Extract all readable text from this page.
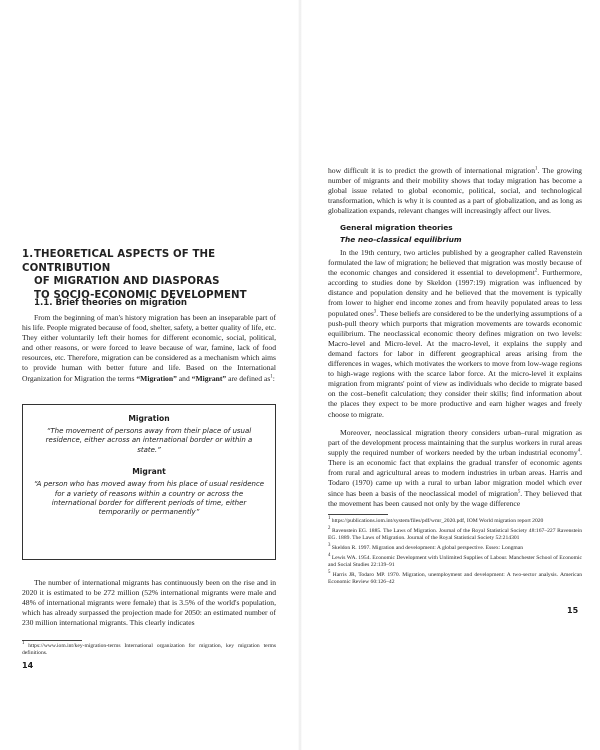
1.THEORETICAL ASPECTS OF THE CONTRIBUTION
OF MIGRATION AND DIASPORAS
TO SOCIO-ECONOMIC DEVELOPMENT
1.1. Brief theories on migration

From the beginning of man's history migration has been an inseparable part of his life. People migrated because of food, shelter, safety, a better quality of life, etc. They either voluntarily left their homes for different economic, social, political, and other reasons, or were forced to leave because of war, famine, lack of food resources, etc. Therefore, migration can be considered as a mechanism which aims to provide human with better future and life. Based on the International Organization for Migration the terms “Migration” and “Migrant” are defined $as^1$:

Migration
“The movement of persons away from their place of usual residence, either across an international border or within a state.”
Migrant
“A person who has moved away from his place of usual residence for a variety of reasons within a country or across the international border for different periods of time, either temporarily or permanently”

The number of international migrants has continuously been on the rise and in 2020 it is estimated to be 272 million (52% international migrants were male and 48% of international migrants were female) that is 3.5% of the world's population, which has already surpassed the projection made for 2050: an estimated number of 230 million international migrants. This clearly indicates

$^1$ https://www.iom.int/key-migration-terms International organization for migration, key migration terms definitions.

14

how difficult it is to predict the growth of international migration$^1$. The growing number of migrants and their mobility shows that today migration has become a global issue related to global economic, political, social, and technological transformation, which is why it is counted as a part of globalization, and as long as globalization expands, relevant changes will increasingly affect our lives.

General migration theories
The neo-classical equilibrium

In the 19th century, two articles published by a geographer called Ravenstein formulated the law of migration; he believed that migration was mostly because of the economic changes and considered it essential to development$^2$. Furthermore, according to studies done by Skeldon (1997:19) migration was influenced by distance and population density and he believed that the movement is typically from lower to higher end income zones and from heavily populated areas to less populated ones$^3$. These beliefs are considered to be the underlying assumptions of a push-pull theory which purports that migration movements are towards economic equilibrium. The neoclassical economic theory defines migration on two levels: Macro-level and Micro-level. At the macro-level, it explains the supply and demand factors for labor in different geographical areas arising from the differences in wages, which motivates the workers to move from low-wage regions to high-wage regions with the scarce labor force. At the micro-level it explains migration from migrants' point of view as individuals who decide to migrate based on the cost–benefit calculation; they consider their skills; find information about the places they expect to be more productive and earn higher wages and freely choose to migrate.

Moreover, neoclassical migration theory considers urban–rural migration as part of the development process maintaining that the surplus workers in rural areas supply the required number of workers needed by the urban industrial economy$^4$. There is an economic fact that explains the gradual transfer of economic agents from rural and agricultural areas to modern industries in urban areas. Harris and Todaro (1970) came up with a rural to urban labor migration model which ever since has been a basis of the neoclassical model of migration$^5$. They believed that the movement has been caused not only by the wage difference

$^1$ https://publications.iom.int/system/files/pdf/wmr_2020.pdf, IOM World migration report 2020

$^2$ Ravenstein EG. 1885. The Laws of Migration. Journal of the Royal Statistical Society 48:167–227 Ravenstein EG. 1889. The Laws of Migration. Journal of the Royal Statistical Society 52:214301

$^3$ Skeldon R. 1997. Migration and development: A global perspective. Essex: Longman

$^4$ Lewis WA. 1954. Economic Development with Unlimited Supplies of Labour. Manchester School of Economic and Social Studies 22:139–91

$^5$ Harris JR, Todaro MP. 1970. Migration, unemployment and development: A two-sector analysis. American Economic Review 60:126–42

15
